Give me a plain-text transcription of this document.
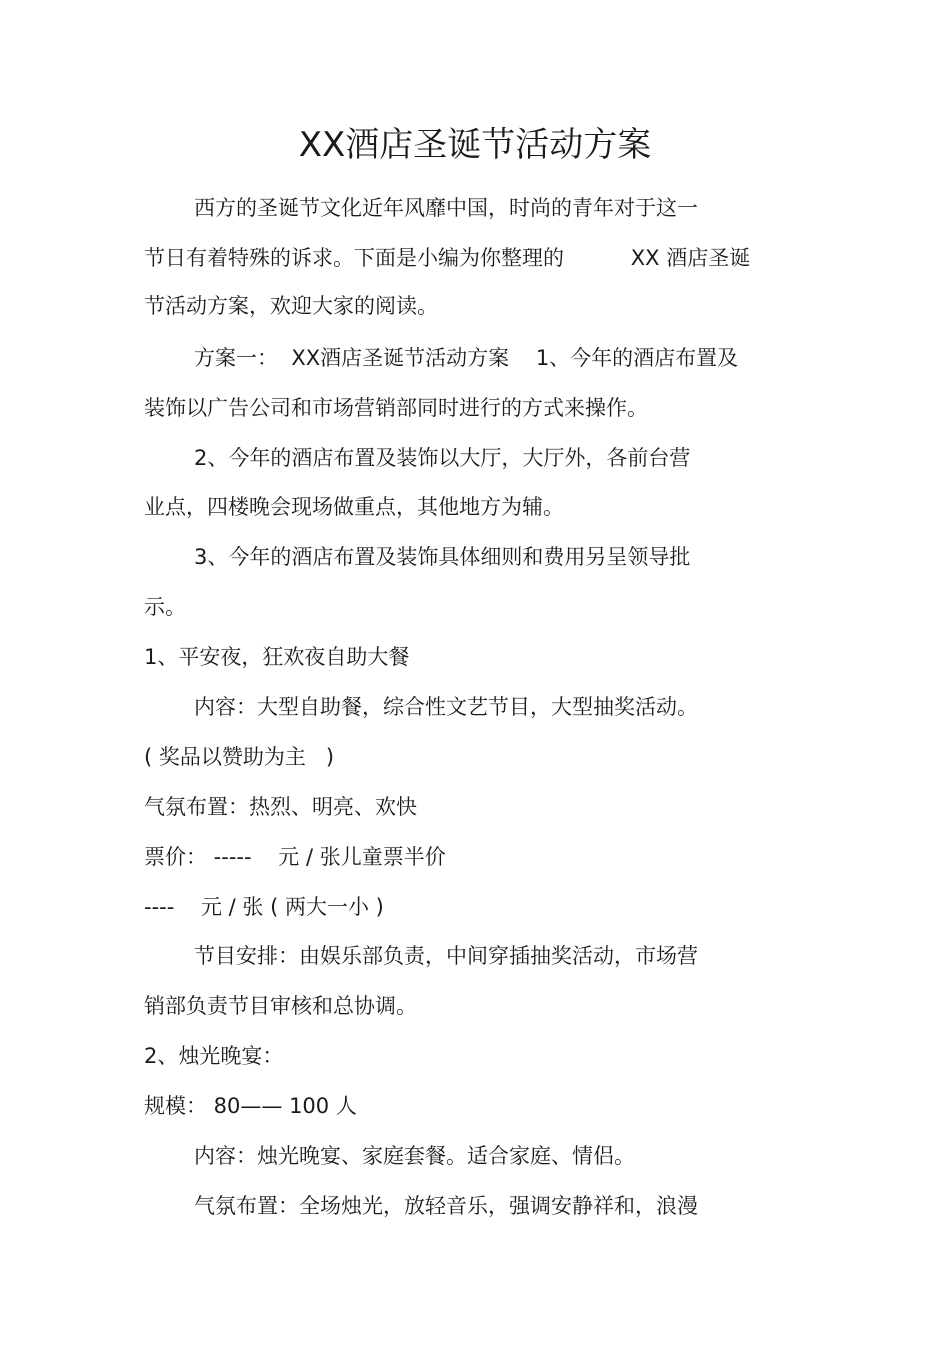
XX酒店圣诞节活动方案
西方的圣诞节文化近年风靡中国，时尚的青年对于这一
节日有着特殊的诉求。下面是小编为你整理的          XX 酒店圣诞
节活动方案，欢迎大家的阅读。
方案一：  XX酒店圣诞节活动方案    1、今年的酒店布置及
装饰以广告公司和市场营销部同时进行的方式来操作。
2、今年的酒店布置及装饰以大厅，大厅外，各前台营
业点，四楼晚会现场做重点，其他地方为辅。
3、今年的酒店布置及装饰具体细则和费用另呈领导批
示。
1、平安夜，狂欢夜自助大餐
内容：大型自助餐，综合性文艺节目，大型抽奖活动。
( 奖品以赞助为主   )
气氛布置：热烈、明亮、欢快
票价： -----    元 / 张儿童票半价
----    元 / 张 ( 两大一小 )
节目安排：由娱乐部负责，中间穿插抽奖活动，市场营
销部负责节目审核和总协调。
2、烛光晚宴：
规模： 80—— 100 人
内容：烛光晚宴、家庭套餐。适合家庭、情侣。
气氛布置：全场烛光，放轻音乐，强调安静祥和，浪漫
